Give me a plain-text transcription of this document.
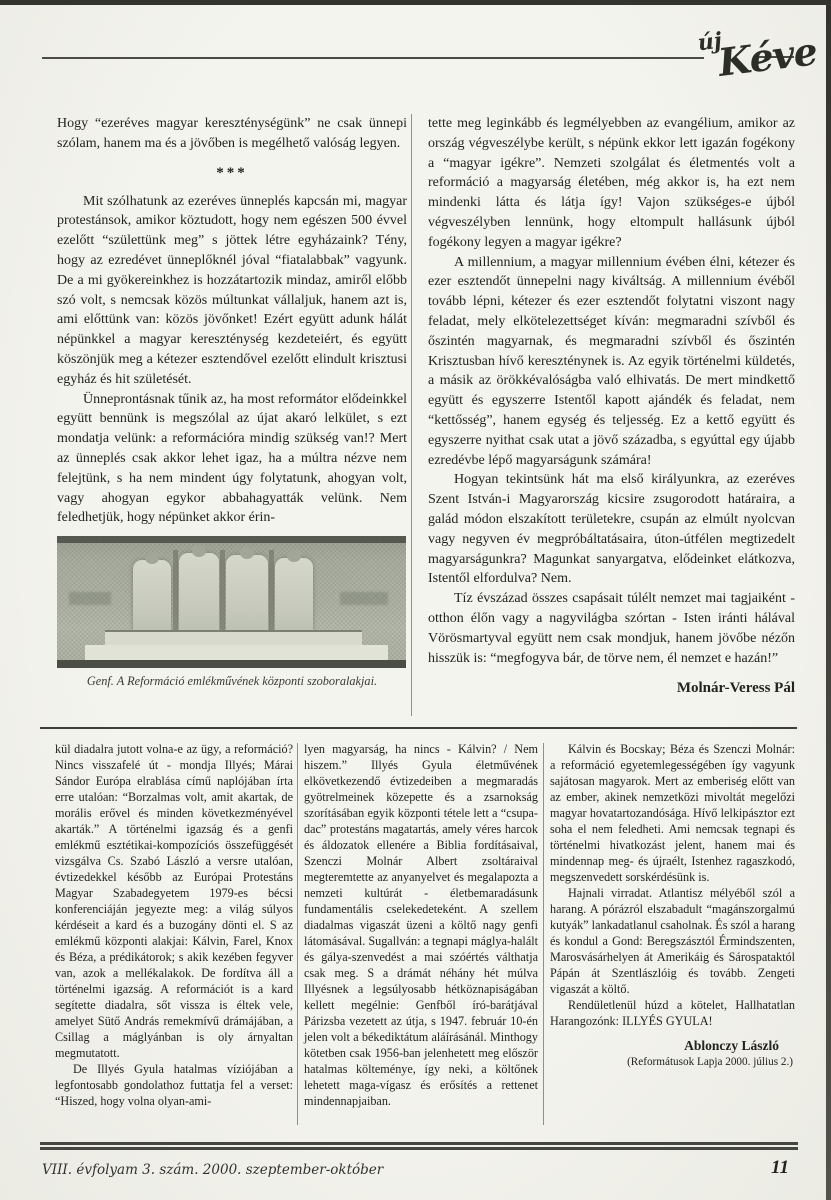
új
Kéve

Hogy “ezeréves magyar kereszténységünk” ne csak ünnepi szólam, hanem ma és a jövőben is megélhető valóság legyen.

***

Mit szólhatunk az ezeréves ünneplés kapcsán mi, magyar protestánsok, amikor köztudott, hogy nem egészen 500 évvel ezelőtt “születtünk meg” s jöttek létre egyházaink? Tény, hogy az ezredévet ünneplőknél jóval “fiatalabbak” vagyunk. De a mi gyökereinkhez is hozzátartozik mindaz, amiről előbb szó volt, s nemcsak közös múltunkat vállaljuk, hanem azt is, ami előttünk van: közös jövőnket! Ezért együtt adunk hálát népünkkel a magyar kereszténység kezdeteiért, és együtt köszönjük meg a kétezer esztendővel ezelőtt elindult krisztusi egyház és hit születését.

Ünneprontásnak tűnik az, ha most reformátor elődeinkkel együtt bennünk is megszólal az újat akaró lelkület, s ezt mondatja velünk: a reformációra mindig szükség van!? Mert az ünneplés csak akkor lehet igaz, ha a múltra nézve nem felejtünk, s ha nem mindent úgy folytatunk, ahogyan volt, vagy ahogyan egykor abbahagyatták velünk. Nem feledhetjük, hogy népünket akkor érin-

Genf. A Reformáció emlékművének központi szoboralakjai.

tette meg leginkább és legmélyebben az evangélium, amikor az ország végveszélybe került, s népünk ekkor lett igazán fogékony a “magyar igékre”. Nemzeti szolgálat és életmentés volt a reformáció a magyarság életében, még akkor is, ha ezt nem mindenki látta és látja így! Vajon szükséges-e újból végveszélyben lennünk, hogy eltompult hallásunk újból fogékony legyen a magyar igékre?

A millennium, a magyar millennium évében élni, kétezer és ezer esztendőt ünnepelni nagy kiváltság. A millennium évéből tovább lépni, kétezer és ezer esztendőt folytatni viszont nagy feladat, mely elkötelezettséget kíván: megmaradni szívből és őszintén magyarnak, és megmaradni szívből és őszintén Krisztusban hívő kereszténynek is. Az egyik történelmi küldetés, a másik az örökkévalóságba való elhivatás. De mert mindkettő együtt és egyszerre Istentől kapott ajándék és feladat, nem “kettősség”, hanem egység és teljesség. Ez a kettő együtt és egyszerre nyithat csak utat a jövő századba, s egyúttal egy újabb ezredévbe lépő magyarságunk számára!

Hogyan tekintsünk hát ma első királyunkra, az ezeréves Szent István-i Magyarország kicsire zsugorodott határaira, a galád módon elszakított területekre, csupán az elmúlt nyolcvan vagy negyven év megpróbáltatásaira, úton-útfélen megtizedelt magyarságunkra? Magunkat sanyargatva, elődeinket elátkozva, Istentől elfordulva? Nem.

Tíz évszázad összes csapásait túlélt nemzet mai tagjaiként - otthon élőn vagy a nagyvilágba szórtan - Isten iránti hálával Vörösmartyval együtt nem csak mondjuk, hanem jövőbe nézőn hisszük is: “megfogyva bár, de törve nem, él nemzet e hazán!”

Molnár-Veress Pál

kül diadalra jutott volna-e az ügy, a reformáció? Nincs visszafelé út - mondja Illyés; Márai Sándor Európa elrablása című naplójában írta erre utalóan: “Borzalmas volt, amit akartak, de morális erővel és minden következményével akarták.” A történelmi igazság és a genfi emlékmű esztétikai-kompozíciós összefüggését vizsgálva Cs. Szabó László a versre utalóan, évtizedekkel később az Európai Protestáns Magyar Szabadegyetem 1979-es bécsi konferenciáján jegyezte meg: a világ súlyos kérdéseit a kard és a buzogány dönti el. S az emlékmű központi alakjai: Kálvin, Farel, Knox és Béza, a prédikátorok; s akik kezében fegyver van, azok a mellékalakok. De fordítva áll a történelmi igazság. A reformációt is a kard segítette diadalra, sőt vissza is éltek vele, amelyet Sütő András remekmívű drámájában, a Csillag a máglyánban is oly árnyaltan megmutatott.

De Illyés Gyula hatalmas víziójában a legfontosabb gondolathoz futtatja fel a verset: “Hiszed, hogy volna olyan-ami-

lyen magyarság, ha nincs - Kálvin? / Nem hiszem.” Illyés Gyula életművének elkövetkezendő évtizedeiben a megmaradás gyötrelmeinek közepette és a zsarnokság szorításában egyik központi tétele lett a “csupa-dac” protestáns magatartás, amely véres harcok és áldozatok ellenére a Biblia fordításaival, Szenczi Molnár Albert zsoltáraival megteremtette az anyanyelvet és megalapozta a nemzeti kultúrát - életbemaradásunk fundamentális cselekedeteként. A szellem diadalmas vigaszát üzeni a költő nagy genfi látomásával. Sugallván: a tegnapi máglya-halált és gálya-szenvedést a mai szóértés válthatja csak meg. S a drámát néhány hét múlva Illyésnek a legsúlyosabb hétköznapiságában kellett megélnie: Genfből író-barátjával Párizsba vezetett az útja, s 1947. február 10-én jelen volt a békediktátum aláírásánál. Minthogy kötetben csak 1956-ban jelenhetett meg először hatalmas költeménye, így neki, a költőnek lehetett maga-vígasz és erősítés a rettenet mindennapjaiban.

Kálvin és Bocskay; Béza és Szenczi Molnár: a reformáció egyetemlegességében így vagyunk sajátosan magyarok. Mert az emberiség előtt van az ember, akinek nemzetközi mivoltát megelőzi magyar hovatartozandósága. Hívő lelkipásztor ezt soha el nem feledheti. Ami nemcsak tegnapi és történelmi hivatkozást jelent, hanem mai és mindennap meg- és újraélt, Istenhez ragaszkodó, megszenvedett sorskérdésünk is.

Hajnali virradat. Atlantisz mélyéből szól a harang. A pórázról elszabadult “magánszorgalmú kutyák” lankadatlanul csaholnak. És szól a harang és kondul a Gond: Beregszásztól Érmindszenten, Marosvásárhelyen át Amerikáig és Sárospataktól Pápán át Szentlászlóig és tovább. Zengeti vigaszát a költő.

Rendületlenül húzd a kötelet, Hallhatatlan Harangozónk: ILLYÉS GYULA!

Ablonczy László
(Reformátusok Lapja 2000. július 2.)
VIII. évfolyam 3. szám. 2000. szeptember-október	11
